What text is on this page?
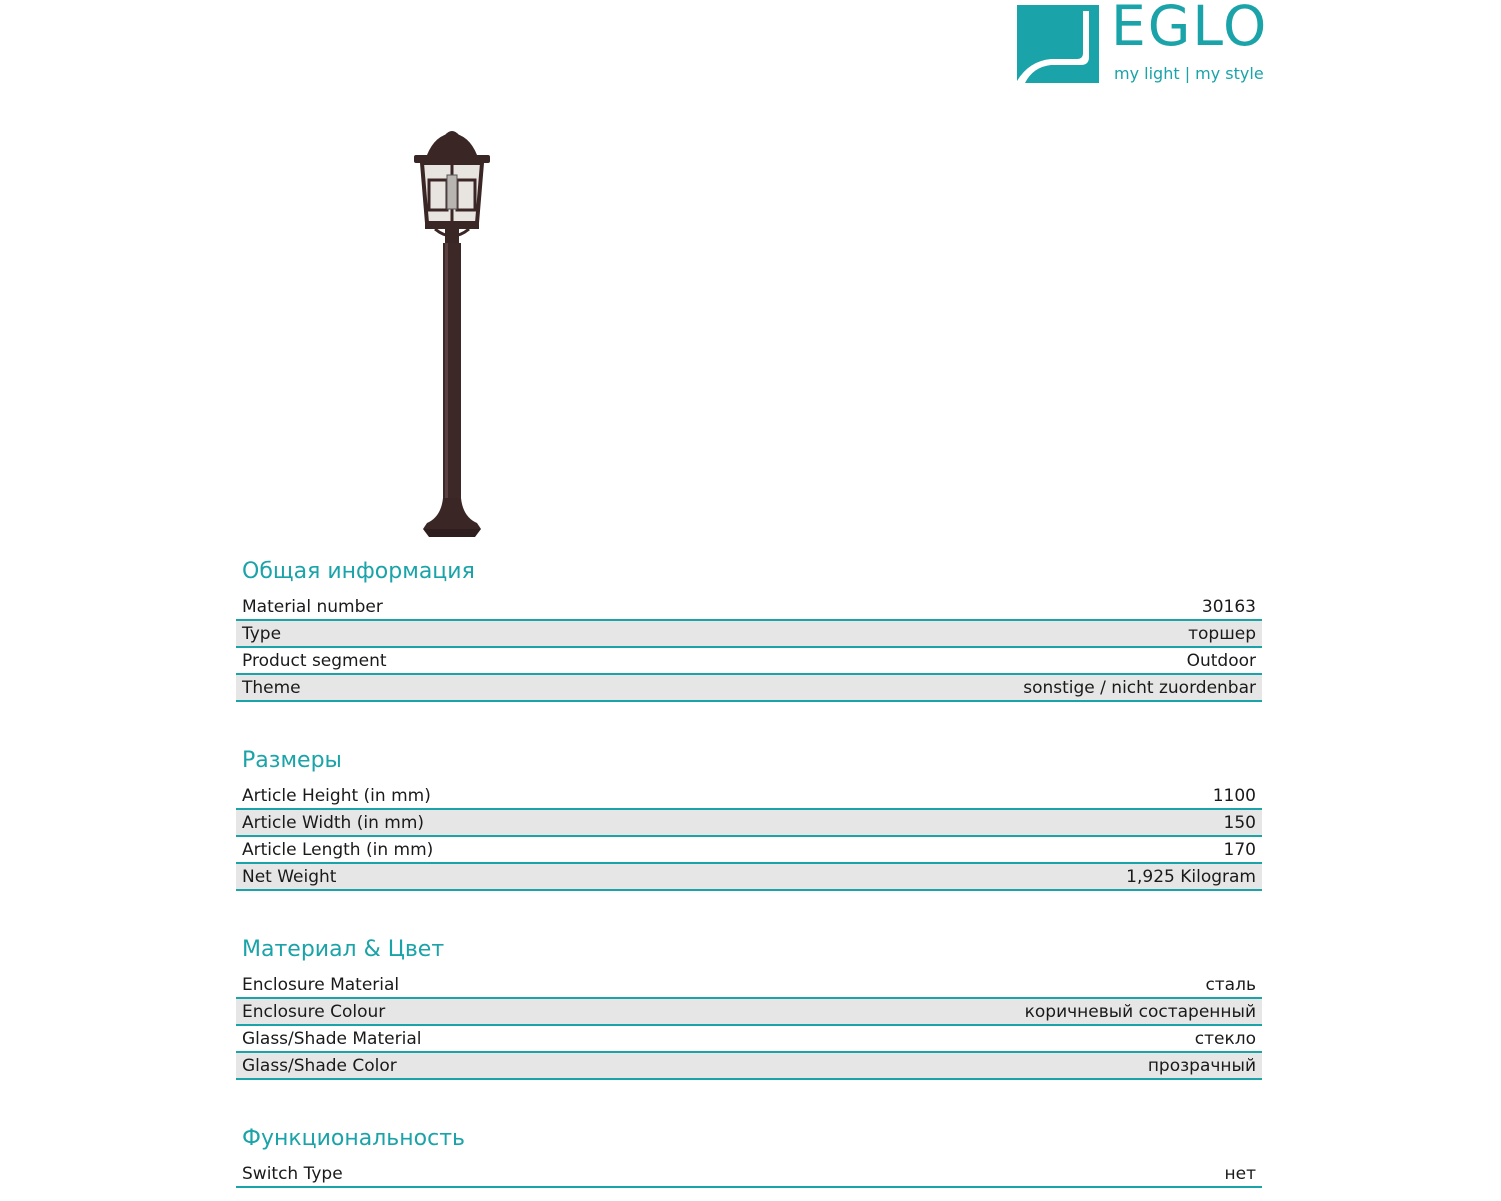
EGLO
my light | my style
Общая информация
Material number	30163
Type	торшер
Product segment	Outdoor
Theme	sonstige / nicht zuordenbar
Размеры
Article Height (in mm)	1100
Article Width (in mm)	150
Article Length (in mm)	170
Net Weight	1,925 Kilogram
Материал & Цвет
Enclosure Material	сталь
Enclosure Colour	коричневый состаренный
Glass/Shade Material	стекло
Glass/Shade Color	прозрачный
Функциональность
Switch Type	нет
